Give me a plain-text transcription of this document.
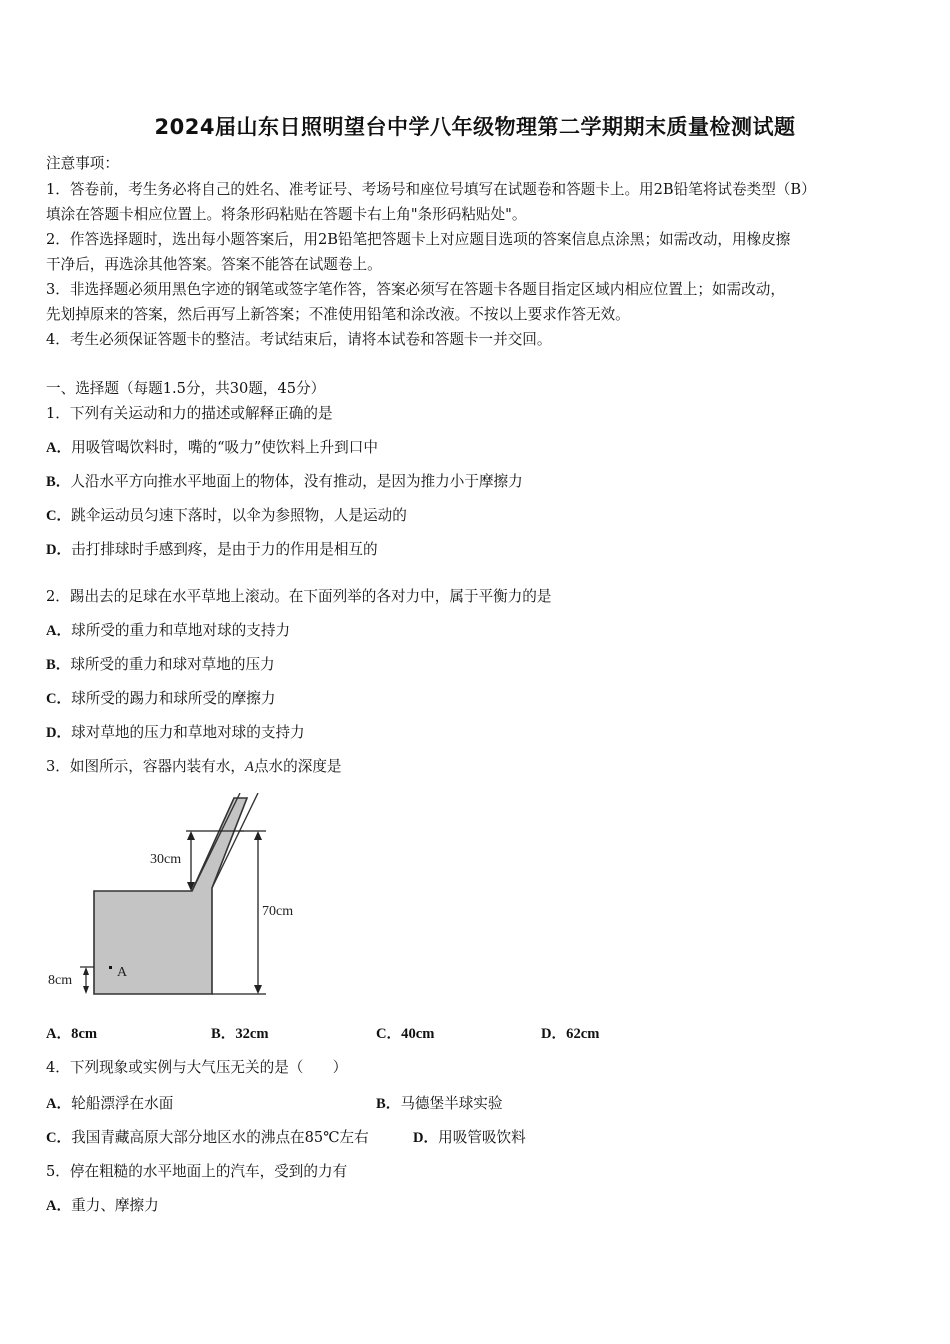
2024届山东日照明望台中学八年级物理第二学期期末质量检测试题
注意事项：
1．答卷前，考生务必将自己的姓名、准考证号、考场号和座位号填写在试题卷和答题卡上。用2B铅笔将试卷类型（B）
填涂在答题卡相应位置上。将条形码粘贴在答题卡右上角"条形码粘贴处"。
2．作答选择题时，选出每小题答案后，用2B铅笔把答题卡上对应题目选项的答案信息点涂黑；如需改动，用橡皮擦
干净后，再选涂其他答案。答案不能答在试题卷上。
3．非选择题必须用黑色字迹的钢笔或签字笔作答，答案必须写在答题卡各题目指定区域内相应位置上；如需改动，
先划掉原来的答案，然后再写上新答案；不准使用铅笔和涂改液。不按以上要求作答无效。
4．考生必须保证答题卡的整洁。考试结束后，请将本试卷和答题卡一并交回。
一、选择题（每题1.5分，共30题，45分）
1．下列有关运动和力的描述或解释正确的是
A．用吸管喝饮料时，嘴的“吸力”使饮料上升到口中
B．人沿水平方向推水平地面上的物体，没有推动，是因为推力小于摩擦力
C．跳伞运动员匀速下落时，以伞为参照物，人是运动的
D．击打排球时手感到疼，是由于力的作用是相互的
2．踢出去的足球在水平草地上滚动。在下面列举的各对力中，属于平衡力的是
A．球所受的重力和草地对球的支持力
B．球所受的重力和球对草地的压力
C．球所受的踢力和球所受的摩擦力
D．球对草地的压力和草地对球的支持力
3．如图所示，容器内装有水，A点水的深度是
30cm
70cm
8cm
A
A．8cm	B．32cm	C．40cm	D．62cm
4．下列现象或实例与大气压无关的是（　　）
A．轮船漂浮在水面	B．马德堡半球实验
C．我国青藏高原大部分地区水的沸点在85℃左右	D．用吸管吸饮料
5．停在粗糙的水平地面上的汽车，受到的力有
A．重力、摩擦力
